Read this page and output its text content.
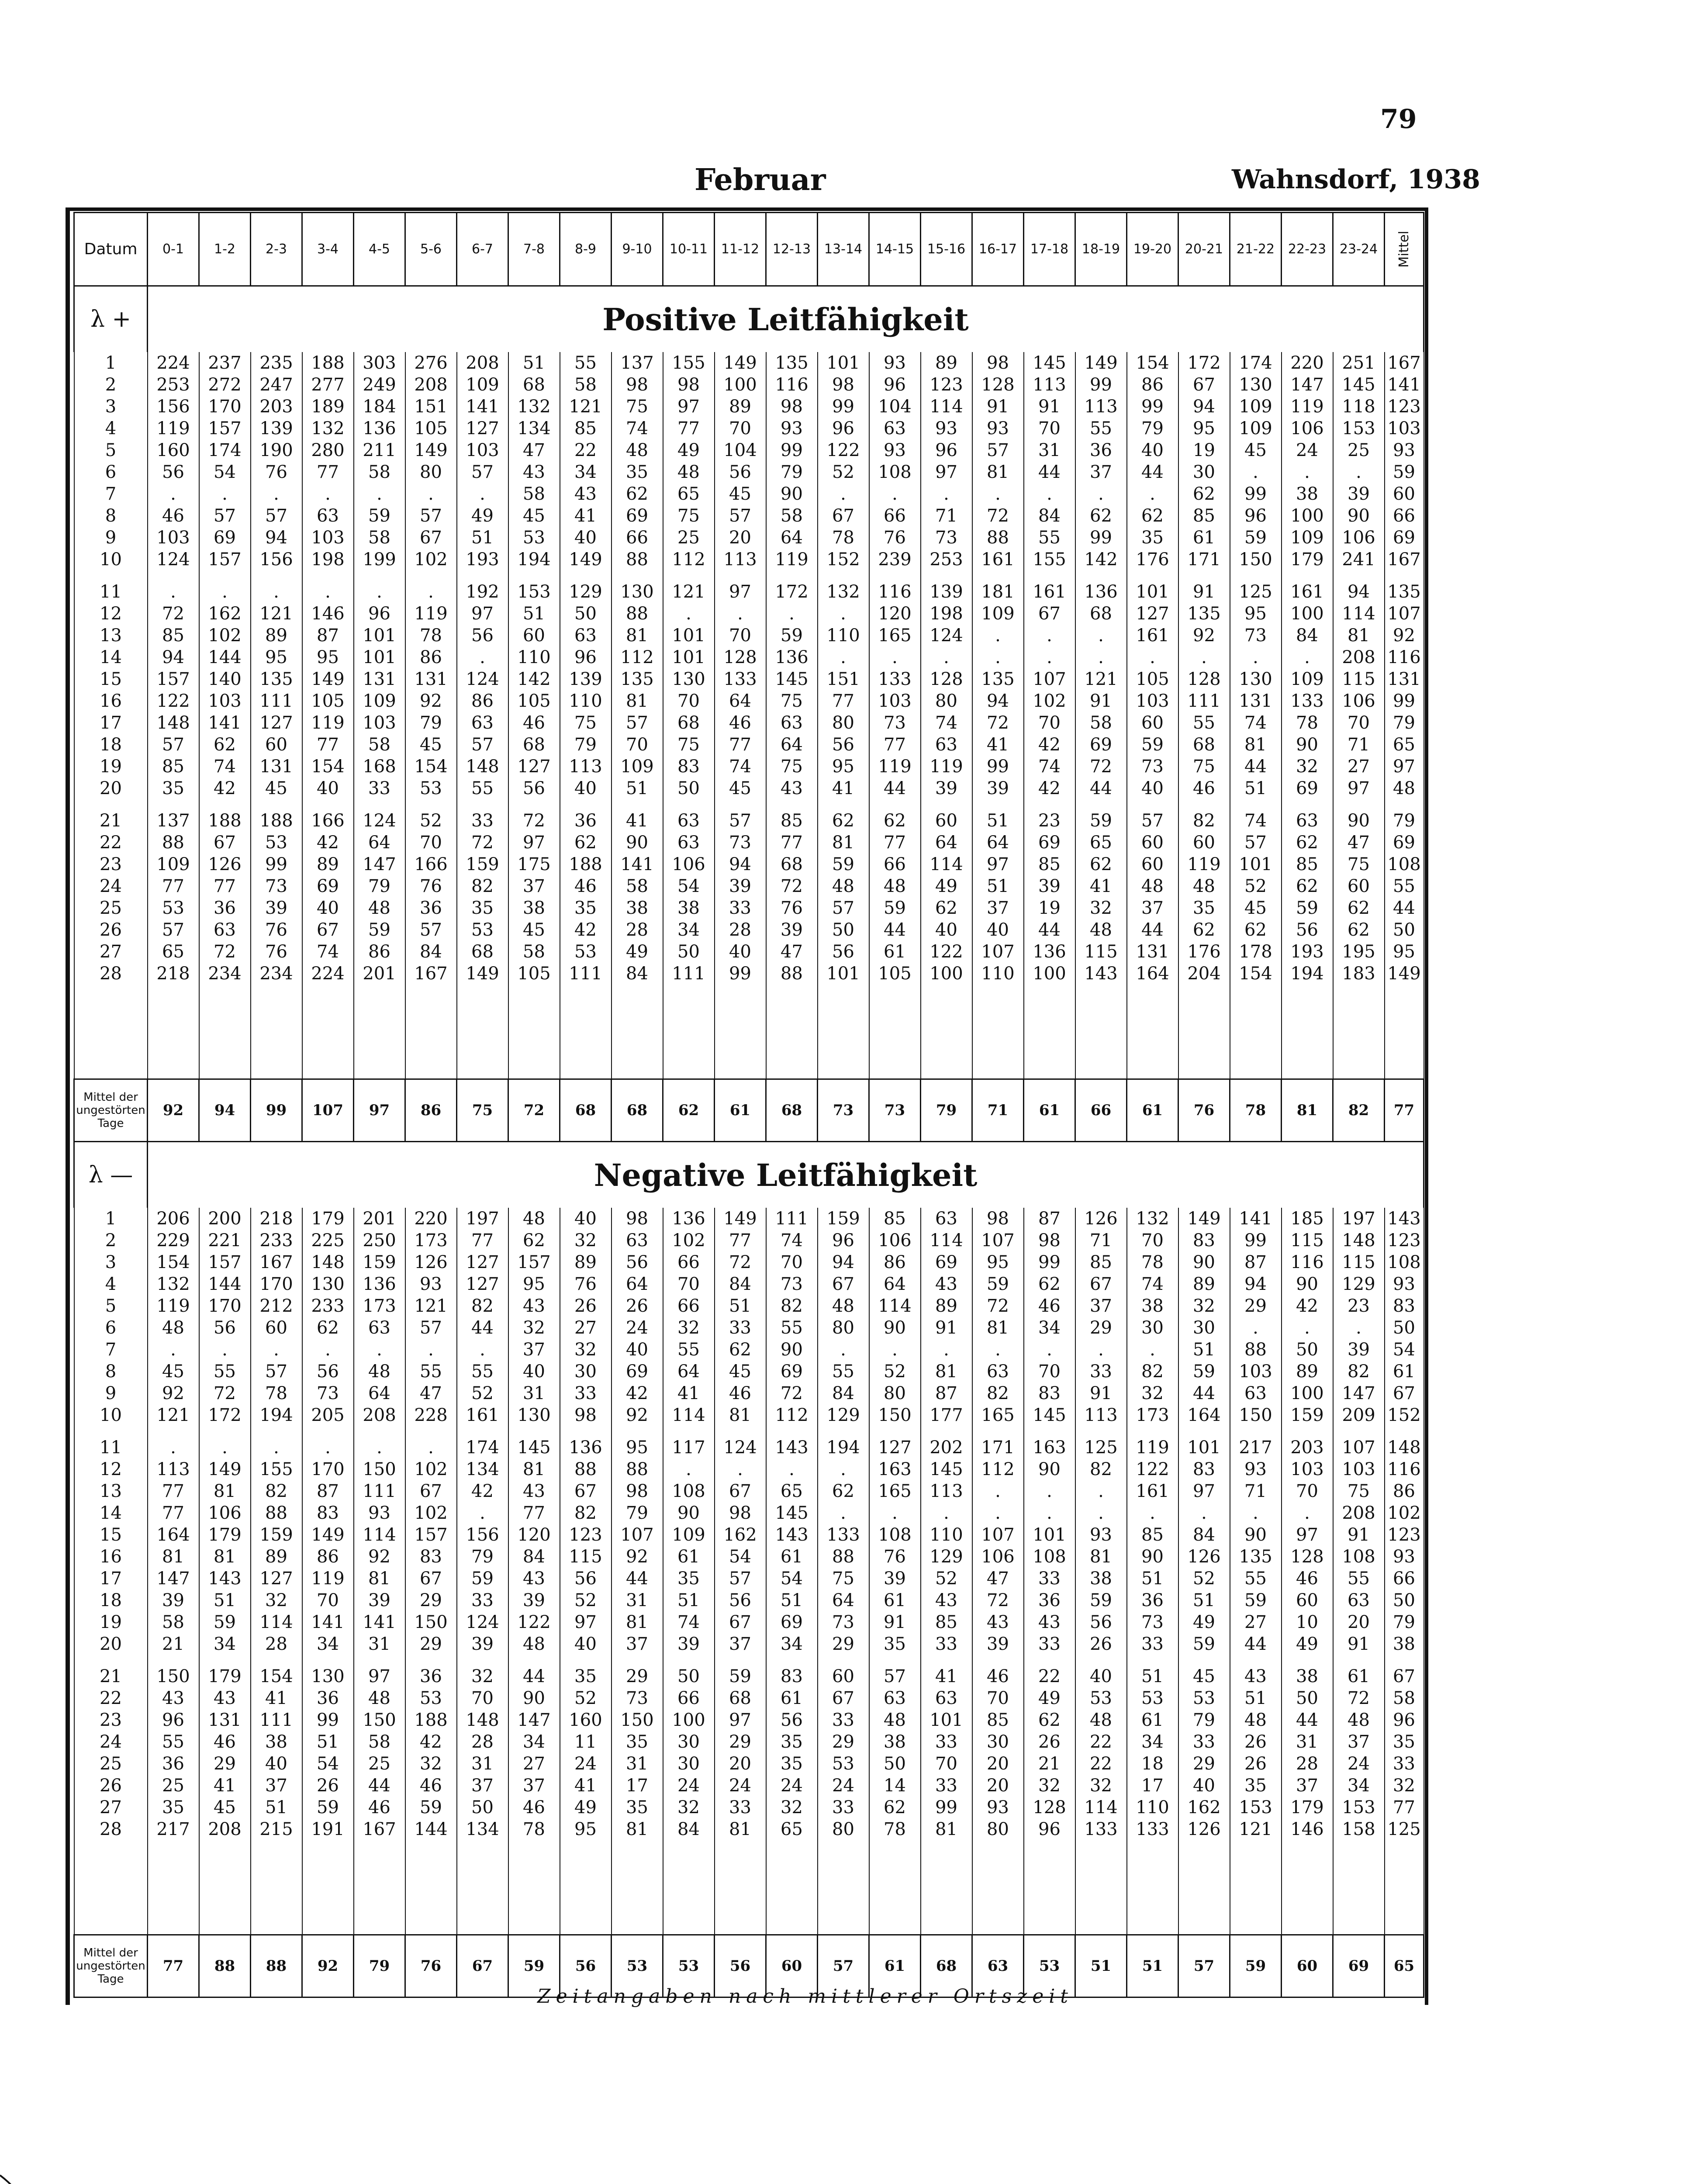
79
Februar	Wahnsdorf, 1938
Datum	0-1	1-2	2-3	3-4	4-5	5-6	6-7	7-8	8-9	9-10	10-11	11-12	12-13	13-14	14-15	15-16	16-17	17-18	18-19	19-20	20-21	21-22	22-23	23-24	Mittel
λ +	Positive Leitfähigkeit																								
1	224	237	235	188	303	276	208	51	55	137	155	149	135	101	93	89	98	145	149	154	172	174	220	251	167
2	253	272	247	277	249	208	109	68	58	98	98	100	116	98	96	123	128	113	99	86	67	130	147	145	141
3	156	170	203	189	184	151	141	132	121	75	97	89	98	99	104	114	91	91	113	99	94	109	119	118	123
4	119	157	139	132	136	105	127	134	85	74	77	70	93	96	63	93	93	70	55	79	95	109	106	153	103
5	160	174	190	280	211	149	103	47	22	48	49	104	99	122	93	96	57	31	36	40	19	45	24	25	93
6	56	54	76	77	58	80	57	43	34	35	48	56	79	52	108	97	81	44	37	44	30	.	.	.	59
7	.	.	.	.	.	.	.	58	43	62	65	45	90	.	.	.	.	.	.	.	62	99	38	39	60
8	46	57	57	63	59	57	49	45	41	69	75	57	58	67	66	71	72	84	62	62	85	96	100	90	66
9	103	69	94	103	58	67	51	53	40	66	25	20	64	78	76	73	88	55	99	35	61	59	109	106	69
10	124	157	156	198	199	102	193	194	149	88	112	113	119	152	239	253	161	155	142	176	171	150	179	241	167

11	.	.	.	.	.	.	192	153	129	130	121	97	172	132	116	139	181	161	136	101	91	125	161	94	135
12	72	162	121	146	96	119	97	51	50	88	.	.	.	.	120	198	109	67	68	127	135	95	100	114	107
13	85	102	89	87	101	78	56	60	63	81	101	70	59	110	165	124	.	.	.	161	92	73	84	81	92
14	94	144	95	95	101	86	.	110	96	112	101	128	136	.	.	.	.	.	.	.	.	.	.	208	116
15	157	140	135	149	131	131	124	142	139	135	130	133	145	151	133	128	135	107	121	105	128	130	109	115	131
16	122	103	111	105	109	92	86	105	110	81	70	64	75	77	103	80	94	102	91	103	111	131	133	106	99
17	148	141	127	119	103	79	63	46	75	57	68	46	63	80	73	74	72	70	58	60	55	74	78	70	79
18	57	62	60	77	58	45	57	68	79	70	75	77	64	56	77	63	41	42	69	59	68	81	90	71	65
19	85	74	131	154	168	154	148	127	113	109	83	74	75	95	119	119	99	74	72	73	75	44	32	27	97
20	35	42	45	40	33	53	55	56	40	51	50	45	43	41	44	39	39	42	44	40	46	51	69	97	48

21	137	188	188	166	124	52	33	72	36	41	63	57	85	62	62	60	51	23	59	57	82	74	63	90	79
22	88	67	53	42	64	70	72	97	62	90	63	73	77	81	77	64	64	69	65	60	60	57	62	47	69
23	109	126	99	89	147	166	159	175	188	141	106	94	68	59	66	114	97	85	62	60	119	101	85	75	108
24	77	77	73	69	79	76	82	37	46	58	54	39	72	48	48	49	51	39	41	48	48	52	62	60	55
25	53	36	39	40	48	36	35	38	35	38	38	33	76	57	59	62	37	19	32	37	35	45	59	62	44
26	57	63	76	67	59	57	53	45	42	28	34	28	39	50	44	40	40	44	48	44	62	62	56	62	50
27	65	72	76	74	86	84	68	58	53	49	50	40	47	56	61	122	107	136	115	131	176	178	193	195	95
28	218	234	234	224	201	167	149	105	111	84	111	99	88	101	105	100	110	100	143	164	204	154	194	183	149

Mittel der ungestörten Tage	92	94	99	107	97	86	75	72	68	68	62	61	68	73	73	79	71	61	66	61	76	78	81	82	77
λ —	Negative Leitfähigkeit																								
1	206	200	218	179	201	220	197	48	40	98	136	149	111	159	85	63	98	87	126	132	149	141	185	197	143
2	229	221	233	225	250	173	77	62	32	63	102	77	74	96	106	114	107	98	71	70	83	99	115	148	123
3	154	157	167	148	159	126	127	157	89	56	66	72	70	94	86	69	95	99	85	78	90	87	116	115	108
4	132	144	170	130	136	93	127	95	76	64	70	84	73	67	64	43	59	62	67	74	89	94	90	129	93
5	119	170	212	233	173	121	82	43	26	26	66	51	82	48	114	89	72	46	37	38	32	29	42	23	83
6	48	56	60	62	63	57	44	32	27	24	32	33	55	80	90	91	81	34	29	30	30	.	.	.	50
7	.	.	.	.	.	.	.	37	32	40	55	62	90	.	.	.	.	.	.	.	51	88	50	39	54
8	45	55	57	56	48	55	55	40	30	69	64	45	69	55	52	81	63	70	33	82	59	103	89	82	61
9	92	72	78	73	64	47	52	31	33	42	41	46	72	84	80	87	82	83	91	32	44	63	100	147	67
10	121	172	194	205	208	228	161	130	98	92	114	81	112	129	150	177	165	145	113	173	164	150	159	209	152

11	.	.	.	.	.	.	174	145	136	95	117	124	143	194	127	202	171	163	125	119	101	217	203	107	148
12	113	149	155	170	150	102	134	81	88	88	.	.	.	.	163	145	112	90	82	122	83	93	103	103	116
13	77	81	82	87	111	67	42	43	67	98	108	67	65	62	165	113	.	.	.	161	97	71	70	75	86
14	77	106	88	83	93	102	.	77	82	79	90	98	145	.	.	.	.	.	.	.	.	.	.	208	102
15	164	179	159	149	114	157	156	120	123	107	109	162	143	133	108	110	107	101	93	85	84	90	97	91	123
16	81	81	89	86	92	83	79	84	115	92	61	54	61	88	76	129	106	108	81	90	126	135	128	108	93
17	147	143	127	119	81	67	59	43	56	44	35	57	54	75	39	52	47	33	38	51	52	55	46	55	66
18	39	51	32	70	39	29	33	39	52	31	51	56	51	64	61	43	72	36	59	36	51	59	60	63	50
19	58	59	114	141	141	150	124	122	97	81	74	67	69	73	91	85	43	43	56	73	49	27	10	20	79
20	21	34	28	34	31	29	39	48	40	37	39	37	34	29	35	33	39	33	26	33	59	44	49	91	38

21	150	179	154	130	97	36	32	44	35	29	50	59	83	60	57	41	46	22	40	51	45	43	38	61	67
22	43	43	41	36	48	53	70	90	52	73	66	68	61	67	63	63	70	49	53	53	53	51	50	72	58
23	96	131	111	99	150	188	148	147	160	150	100	97	56	33	48	101	85	62	48	61	79	48	44	48	96
24	55	46	38	51	58	42	28	34	11	35	30	29	35	29	38	33	30	26	22	34	33	26	31	37	35
25	36	29	40	54	25	32	31	27	24	31	30	20	35	53	50	70	20	21	22	18	29	26	28	24	33
26	25	41	37	26	44	46	37	37	41	17	24	24	24	24	14	33	20	32	32	17	40	35	37	34	32
27	35	45	51	59	46	59	50	46	49	35	32	33	32	33	62	99	93	128	114	110	162	153	179	153	77
28	217	208	215	191	167	144	134	78	95	81	84	81	65	80	78	81	80	96	133	133	126	121	146	158	125

Mittel der ungestörten Tage	77	88	88	92	79	76	67	59	56	53	53	56	60	57	61	68	63	53	51	51	57	59	60	69	65
Zeitangaben nach mittlerer Ortszeit
